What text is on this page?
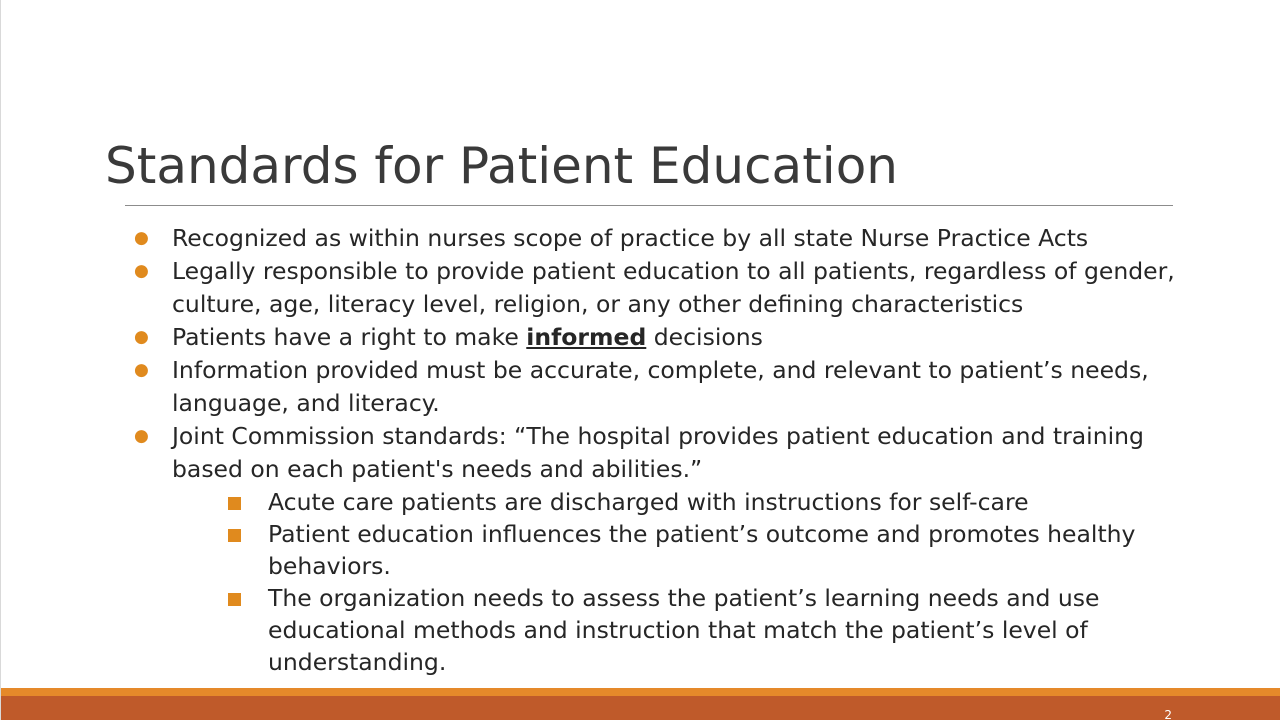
Standards for Patient Education
● Recognized as within nurses scope of practice by all state Nurse Practice Acts
● Legally responsible to provide patient education to all patients, regardless of gender, culture, age, literacy level, religion, or any other defining characteristics
● Patients have a right to make informed decisions
● Information provided must be accurate, complete, and relevant to patient’s needs, language, and literacy.
● Joint Commission standards: “The hospital provides patient education and training based on each patient's needs and abilities.”
Acute care patients are discharged with instructions for self-care
Patient education influences the patient’s outcome and promotes healthy behaviors.
The organization needs to assess the patient’s learning needs and use educational methods and instruction that match the patient’s level of understanding.
2
